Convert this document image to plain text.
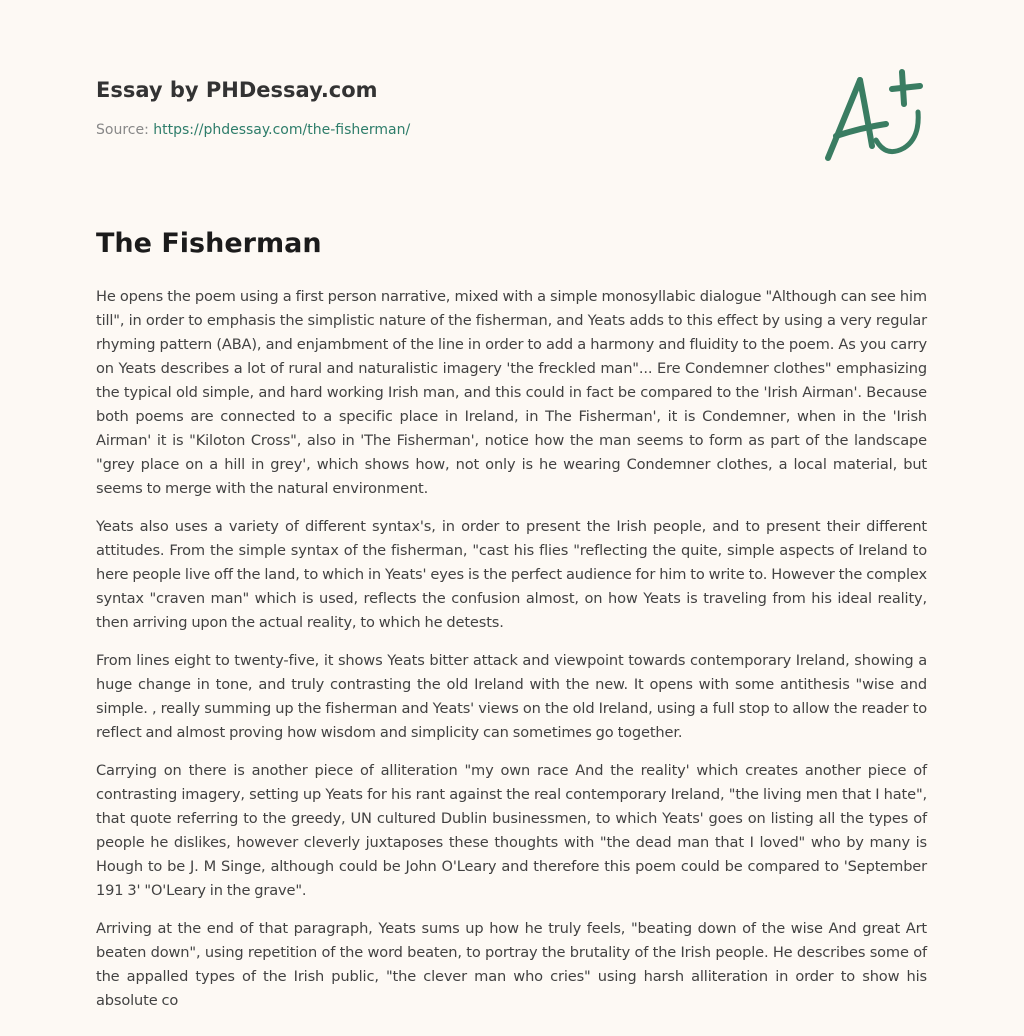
Essay by PHDessay.com
Source: https://phdessay.com/the-fisherman/
The Fisherman

He opens the poem using a first person narrative, mixed with a simple monosyllabic dialogue "Although can see him till", in order to emphasis the simplistic nature of the fisherman, and Yeats adds to this effect by using a very regular rhyming pattern (ABA), and enjambment of the line in order to add a harmony and fluidity to the poem. As you carry on Yeats describes a lot of rural and naturalistic imagery 'the freckled man"... Ere Condemner clothes" emphasizing the typical old simple, and hard working Irish man, and this could in fact be compared to the 'Irish Airman'. Because both poems are connected to a specific place in Ireland, in The Fisherman', it is Condemner, when in the 'Irish Airman' it is "Kiloton Cross", also in 'The Fisherman', notice how the man seems to form as part of the landscape "grey place on a hill in grey', which shows how, not only is he wearing Condemner clothes, a local material, but seems to merge with the natural environment.

Yeats also uses a variety of different syntax's, in order to present the Irish people, and to present their different attitudes. From the simple syntax of the fisherman, "cast his flies "reflecting the quite, simple aspects of Ireland to here people live off the land, to which in Yeats' eyes is the perfect audience for him to write to. However the complex syntax "craven man" which is used, reflects the confusion almost, on how Yeats is traveling from his ideal reality, then arriving upon the actual reality, to which he detests.

From lines eight to twenty-five, it shows Yeats bitter attack and viewpoint towards contemporary Ireland, showing a huge change in tone, and truly contrasting the old Ireland with the new. It opens with some antithesis "wise and simple. , really summing up the fisherman and Yeats' views on the old Ireland, using a full stop to allow the reader to reflect and almost proving how wisdom and simplicity can sometimes go together.

Carrying on there is another piece of alliteration "my own race And the reality' which creates another piece of contrasting imagery, setting up Yeats for his rant against the real contemporary Ireland, "the living men that I hate", that quote referring to the greedy, UN cultured Dublin businessmen, to which Yeats' goes on listing all the types of people he dislikes, however cleverly juxtaposes these thoughts with "the dead man that I loved" who by many is Hough to be J. M Singe, although could be John O'Leary and therefore this poem could be compared to 'September 191 3' "O'Leary in the grave".

Arriving at the end of that paragraph, Yeats sums up how he truly feels, "beating down of the wise And great Art beaten down", using repetition of the word beaten, to portray the brutality of the Irish people. He describes some of the appalled types of the Irish public, "the clever man who cries" using harsh alliteration in order to show his absolute co
